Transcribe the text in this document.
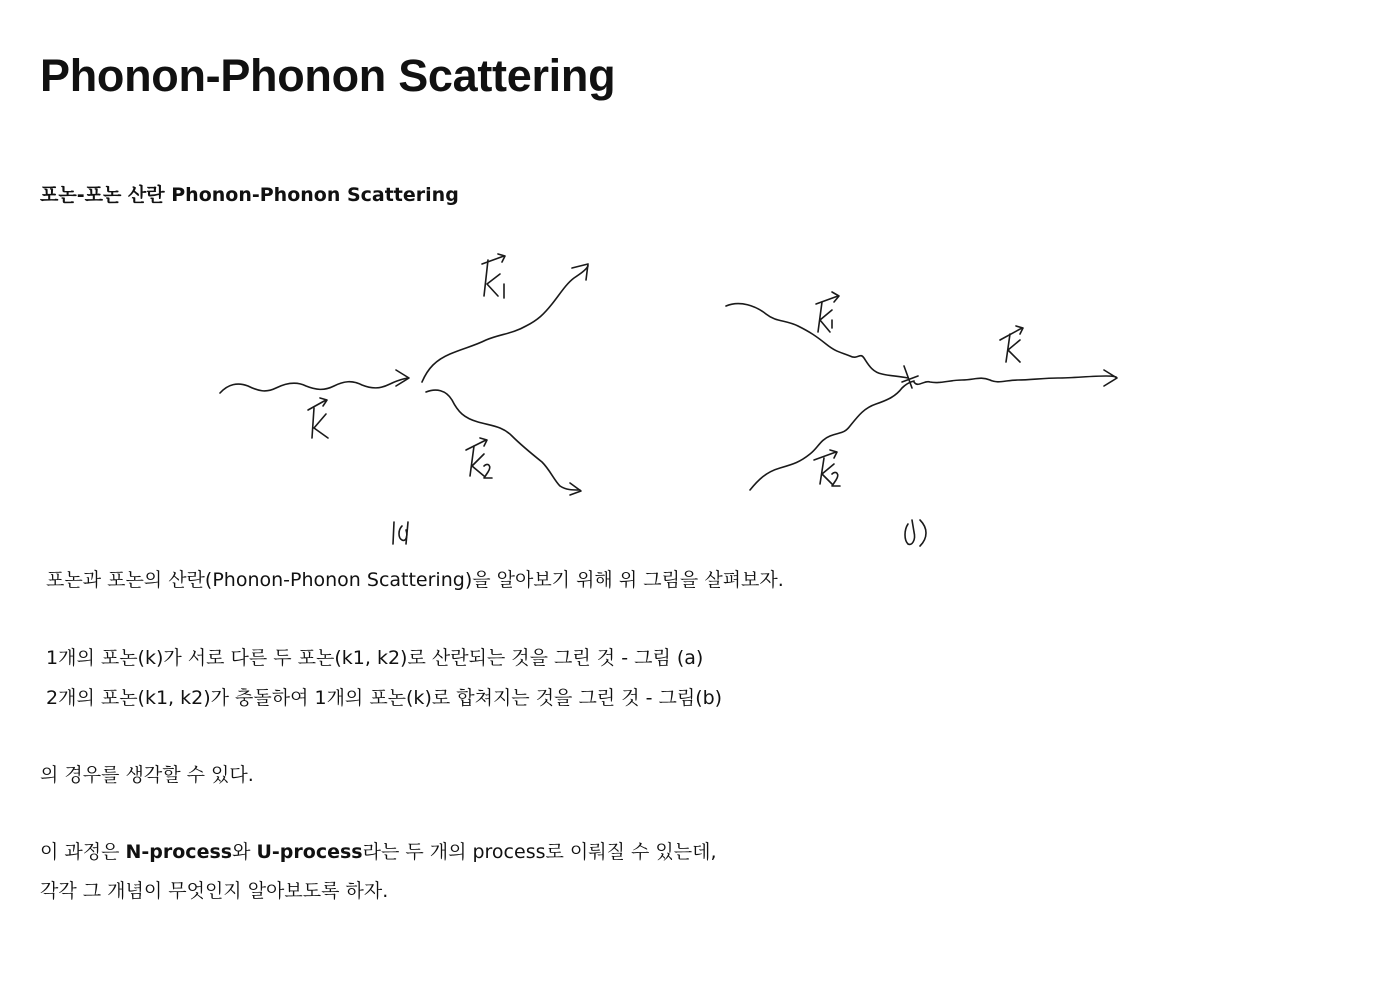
Phonon-Phonon Scattering
포논-포논 산란 Phonon-Phonon Scattering

포논과 포논의 산란(Phonon-Phonon Scattering)을 알아보기 위해 위 그림을 살펴보자.

1개의 포논(k)가 서로 다른 두 포논(k1, k2)로 산란되는 것을 그린 것 - 그림 (a)

2개의 포논(k1, k2)가 충돌하여 1개의 포논(k)로 합쳐지는 것을 그린 것 - 그림(b)

의 경우를 생각할 수 있다.

이 과정은 N-process와 U-process라는 두 개의 process로 이뤄질 수 있는데,

각각 그 개념이 무엇인지 알아보도록 하자.
